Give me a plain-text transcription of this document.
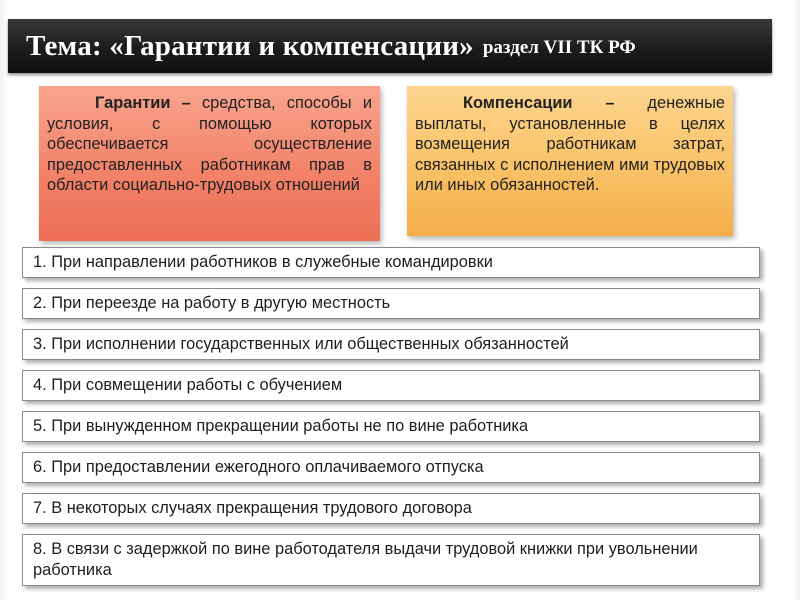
Тема: «Гарантии и компенсации» раздел VII ТК РФ
Гарантии – средства, способы и условия, с помощью которых обеспечивается осуществление предоставленных работникам прав в области социально-трудовых отношений
Компенсации – денежные выплаты, установленные в целях возмещения работникам затрат, связанных с исполнением ими трудовых или иных обязанностей.
1. При направлении работников в служебные командировки
2. При переезде на работу в другую местность
3. При исполнении государственных или общественных обязанностей
4. При совмещении работы с обучением
5. При вынужденном прекращении работы не по вине работника
6. При предоставлении ежегодного оплачиваемого отпуска
7. В некоторых случаях прекращения трудового договора
8. В связи с задержкой по вине работодателя выдачи трудовой книжки при увольнении работника
